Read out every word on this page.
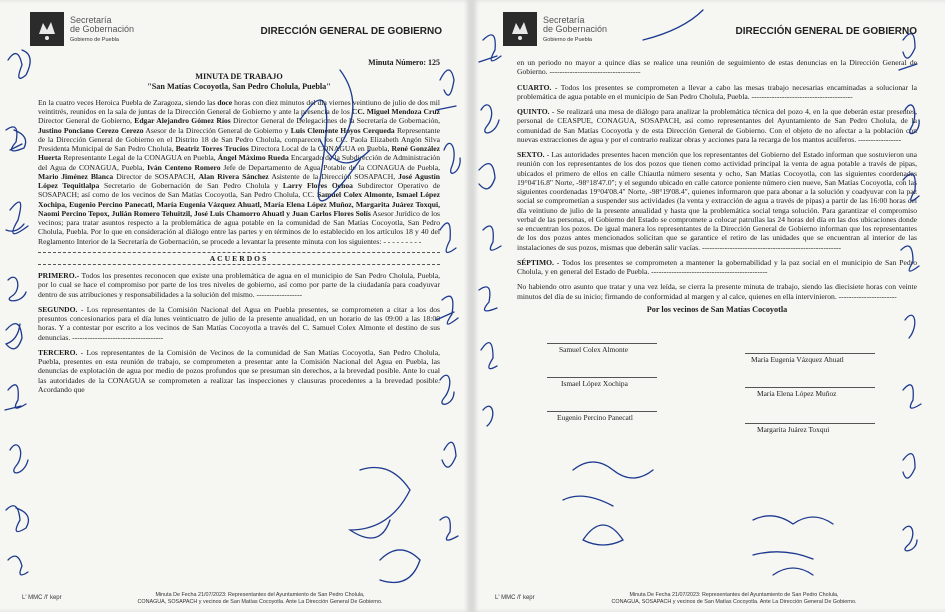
Secretaría
de Gobernación
Gobierno de Puebla
DIRECCIÓN GENERAL DE GOBIERNO
Minuta Número: 125
MINUTA DE TRABAJO
"San Matías Cocoyotla, San Pedro Cholula, Puebla"
En la cuatro veces Heroica Puebla de Zaragoza, siendo las doce horas con diez minutos del día viernes veintiuno de julio de dos mil veintitrés, reunidos en la sala de juntas de la Dirección General de Gobierno y ante la presencia de los CC. Miguel Mendoza Cruz Director General de Gobierno, Edgar Alejandro Gómez Ríos Director General de Delegaciones de la Secretaría de Gobernación, Justino Ponciano Cerezo Cerezo Asesor de la Dirección General de Gobierno y Luis Clemente Hoyos Cerqueda Representante de la Dirección General de Gobierno en el Distrito 18 de San Pedro Cholula, comparecen los CC. Paola Elizabeth Angón Silva Presidenta Municipal de San Pedro Cholula, Beatriz Torres Trucíos Directora Local de la CONAGUA en Puebla, René González Huerta Representante Legal de la CONAGUA en Puebla, Ángel Máximo Rueda Encargado de la Subdirección de Administración del Agua de CONAGUA, Puebla, Iván Centeno Romero Jefe de Departamento de Agua Potable de la CONAGUA de Puebla, Mario Jiménez Blanca Director de SOSAPACH, Alan Rivera Sánchez Asistente de la Dirección SOSAPACH, José Agustín López Tequitlalpa Secretario de Gobernación de San Pedro Cholula y Larry Flores Ochoa Subdirector Operativo de SOSAPACH; así como de los vecinos de San Matías Cocoyotla, San Pedro Cholula, CC. Samuel Colex Almonte, Ismael López Xochipa, Eugenio Percino Panecatl, María Eugenia Vázquez Ahuatl, María Elena López Muñoz, Margarita Juárez Toxqui, Naomi Percino Tepox, Julián Romero Tehuitzil, José Luis Chamorro Ahuatl y Juan Carlos Flores Solís Asesor Jurídico de los vecinos; para tratar asuntos respecto a la problemática de agua potable en la comunidad de San Matías Cocoyotla, San Pedro Cholula, Puebla. Por lo que en consideración al diálogo entre las partes y en términos de lo establecido en los artículos 18 y 40 del Reglamento Interior de la Secretaría de Gobernación, se procede a levantar la presente minuta con los siguientes: - - - - - - - - -
ACUERDOS
PRIMERO.- Todos los presentes reconocen que existe una problemática de agua en el municipio de San Pedro Cholula, Puebla, por lo cual se hace el compromiso por parte de los tres niveles de gobierno, así como por parte de la ciudadanía para coadyuvar dentro de sus atribuciones y responsabilidades a la solución del mismo. ------------------
SEGUNDO. - Los representantes de la Comisión Nacional del Agua en Puebla presentes, se comprometen a citar a los dos presuntos concesionarios para el día lunes veinticuatro de julio de la presente anualidad, en un horario de las 09:00 a las 18:00 horas. Y a contestar por escrito a los vecinos de San Matías Cocoyotla a través del C. Samuel Colex Almonte el destino de sus denuncias. ------------------------------------
TERCERO. - Los representantes de la Comisión de Vecinos de la comunidad de San Matías Cocoyotla, San Pedro Cholula, Puebla, presentes en esta reunión de trabajo, se comprometen a presentar ante la Comisión Nacional del Agua en Puebla, las denuncias de explotación de agua por medio de pozos profundos que se presuman sin derechos, a la brevedad posible. Ante lo cual las autoridades de la CONAGUA se comprometen a realizar las inspecciones y clausuras procedentes a la brevedad posible. Acordando que
L' MMC /l' kepr	Minuta De Fecha 21/07/2023: Representantes del Ayuntamiento de San Pedro Cholula,
CONAGUA, SOSAPACH y vecinos de San Matías Cocoyotla. Ante La Dirección General De Gobierno.
Secretaría
de Gobernación
Gobierno de Puebla
DIRECCIÓN GENERAL DE GOBIERNO
en un periodo no mayor a quince días se realice una reunión de seguimiento de estas denuncias en la Dirección General de Gobierno. ------------------------------------
CUARTO. - Todos los presentes se comprometen a llevar a cabo las mesas trabajo necesarias encaminadas a solucionar la problemática de agua potable en el municipio de San Pedro Cholula, Puebla. ----------------------------------------
QUINTO. - Se realizará una mesa de diálogo para analizar la problemática técnica del pozo 4, en la que deberán estar presentes, personal de CEASPUE, CONAGUA, SOSAPACH, así como representantes del Ayuntamiento de San Pedro Cholula, de la comunidad de San Matías Cocoyotla y de esta Dirección General de Gobierno. Con el objeto de no afectar a la población con nuevas extracciones de agua y por el contrario realizar obras y acciones para la recarga de los mantos acuíferos. -----------------
SEXTO. - Las autoridades presentes hacen mención que los representantes del Gobierno del Estado informan que sostuvieron una reunión con los representantes de los dos pozos que tienen como actividad principal la venta de agua potable a través de pipas, ubicados el primero de ellos en calle Chiautla número sesenta y ocho, San Matías Cocoyotla, con las siguientes coordenadas 19°04'16.8" Norte, -98°18'47.0"; y el segundo ubicado en calle catorce poniente número cien nueve, San Matías Cocoyotla, con las siguientes coordenadas 19°04'08.4" Norte, -98°19'08.4", quienes informaron que para abonar a la solución y coadyuvar con la paz social se comprometían a suspender sus actividades (la venta y extracción de agua a través de pipas) a partir de las 16:00 horas del día veintiuno de julio de la presente anualidad y hasta que la problemática social tenga solución. Para garantizar el compromiso verbal de las personas, el Gobierno del Estado se compromete a colocar patrullas las 24 horas del día en las dos ubicaciones donde se encuentran los pozos. De igual manera los representantes de la Dirección General de Gobierno informan que los representantes de los dos pozos antes mencionados solicitan que se garantice el retiro de las unidades que se encuentran al interior de las instalaciones de sus pozos, mismas que deberán salir vacías. -------------------------------------------------------
SÉPTIMO. - Todos los presentes se comprometen a mantener la gobernabilidad y la paz social en el municipio de San Pedro Cholula, y en general del Estado de Puebla. ----------------------------------------------
No habiendo otro asunto que tratar y una vez leída, se cierra la presente minuta de trabajo, siendo las diecisiete horas con veinte minutos del día de su inicio; firmando de conformidad al margen y al calce, quienes en ella intervinieron. -----------------------
Por los vecinos de San Matías Cocoyotla
Samuel Colex Almonte
Ismael López Xochipa
Eugenio Percino Panecatl
María Eugenia Vázquez Ahuatl
María Elena López Muñoz
Margarita Juárez Toxqui
L' MMC /l' kepr	Minuta De Fecha 21/07/2023: Representantes del Ayuntamiento de San Pedro Cholula,
CONAGUA, SOSAPACH y vecinos de San Matías Cocoyotla. Ante La Dirección General De Gobierno.
